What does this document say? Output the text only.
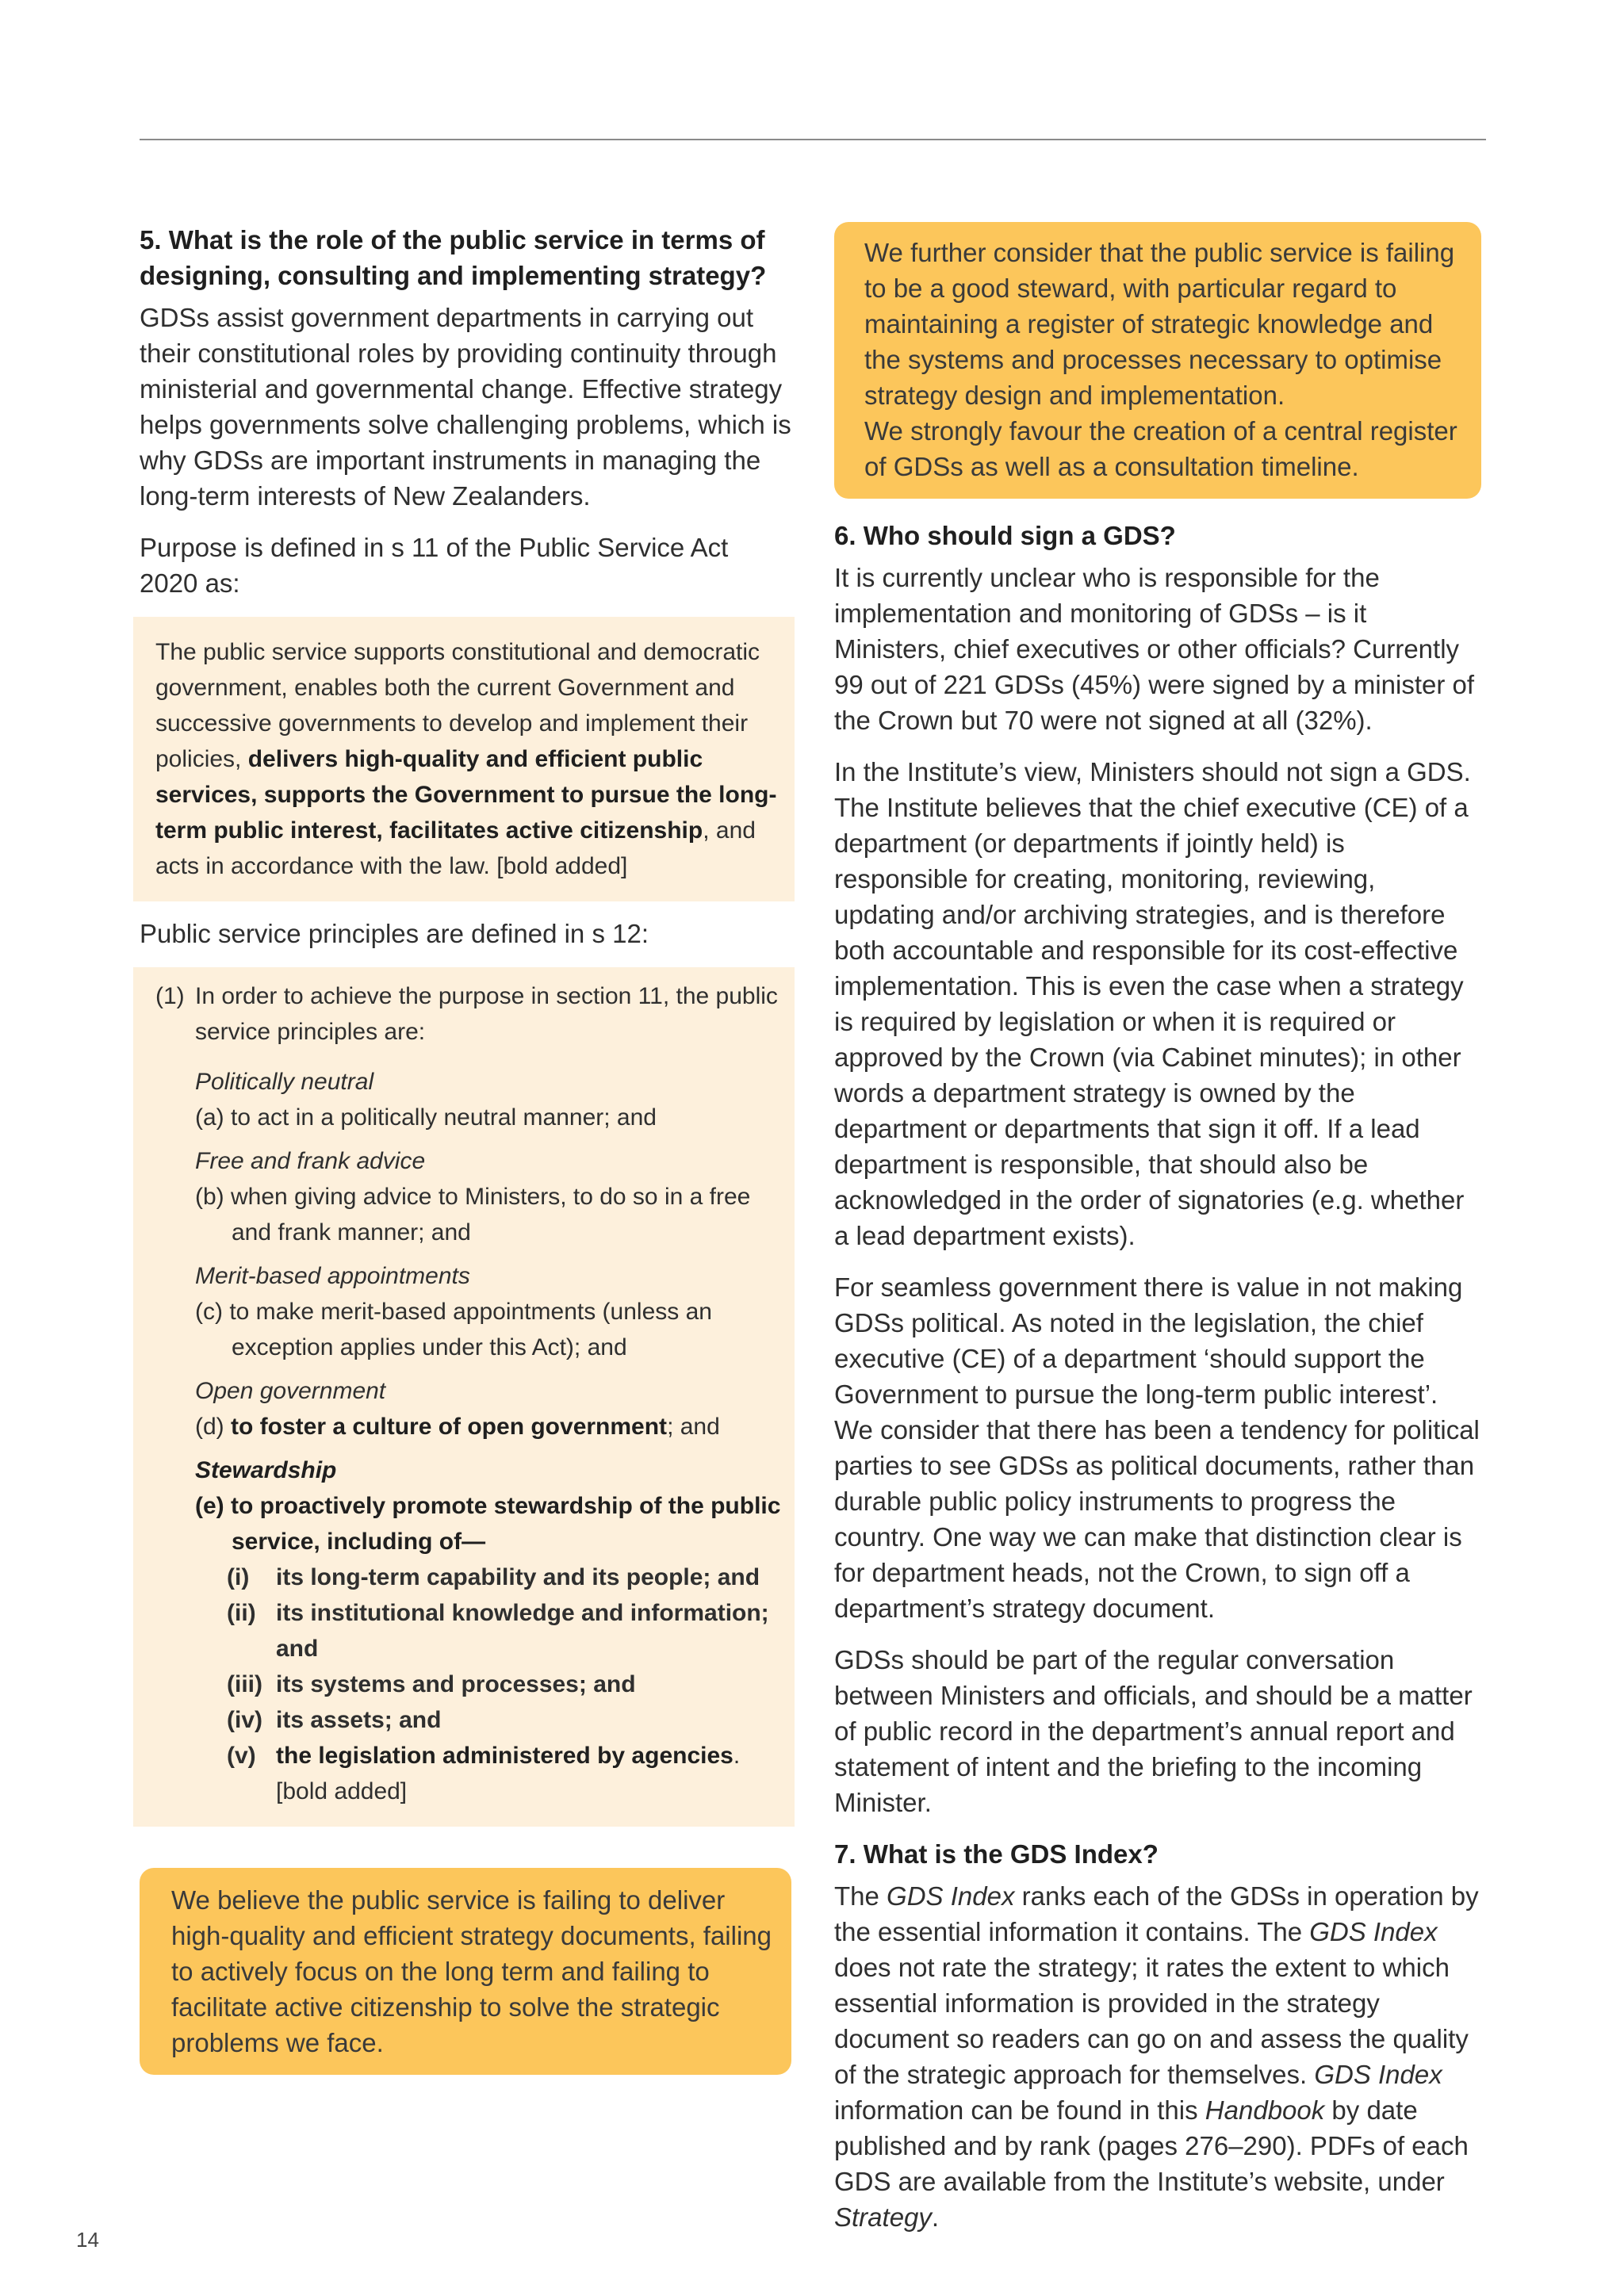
5. What is the role of the public service in terms of designing, consulting and implementing strategy?

GDSs assist government departments in carrying out their constitutional roles by providing continuity through ministerial and governmental change. Effective strategy helps governments solve challenging problems, which is why GDSs are important instruments in managing the long-term interests of New Zealanders.

Purpose is defined in s 11 of the Public Service Act 2020 as:

The public service supports constitutional and democratic government, enables both the current Government and successive governments to develop and implement their policies, delivers high-quality and efficient public services, supports the Government to pursue the long-term public interest, facilitates active citizenship, and acts in accordance with the law. [bold added]

Public service principles are defined in s 12:

(1) In order to achieve the purpose in section 11, the public service principles are:
Politically neutral
(a) to act in a politically neutral manner; and
Free and frank advice
(b) when giving advice to Ministers, to do so in a free and frank manner; and
Merit-based appointments
(c) to make merit-based appointments (unless an exception applies under this Act); and
Open government
(d) to foster a culture of open government; and
Stewardship
(e) to proactively promote stewardship of the public service, including of—
(i)	its long-term capability and its people; and
(ii) its institutional knowledge and information; and
(iii) its systems and processes; and
(iv) its assets; and
(v) the legislation administered by agencies. [bold added]
We believe the public service is failing to deliver high-quality and efficient strategy documents, failing to actively focus on the long term and failing to facilitate active citizenship to solve the strategic problems we face.
We further consider that the public service is failing to be a good steward, with particular regard to maintaining a register of strategic knowledge and the systems and processes necessary to optimise strategy design and implementation.
We strongly favour the creation of a central register of GDSs as well as a consultation timeline.
6. Who should sign a GDS?

It is currently unclear who is responsible for the implementation and monitoring of GDSs – is it Ministers, chief executives or other officials? Currently 99 out of 221 GDSs (45%) were signed by a minister of the Crown but 70 were not signed at all (32%).

In the Institute’s view, Ministers should not sign a GDS. The Institute believes that the chief executive (CE) of a department (or departments if jointly held) is responsible for creating, monitoring, reviewing, updating and/or archiving strategies, and is therefore both accountable and responsible for its cost-effective implementation. This is even the case when a strategy is required by legislation or when it is required or approved by the Crown (via Cabinet minutes); in other words a department strategy is owned by the department or departments that sign it off. If a lead department is responsible, that should also be acknowledged in the order of signatories (e.g. whether a lead department exists).

For seamless government there is value in not making GDSs political. As noted in the legislation, the chief executive (CE) of a department ‘should support the Government to pursue the long-term public interest’. We consider that there has been a tendency for political parties to see GDSs as political documents, rather than durable public policy instruments to progress the country. One way we can make that distinction clear is for department heads, not the Crown, to sign off a department’s strategy document.

GDSs should be part of the regular conversation between Ministers and officials, and should be a matter of public record in the department’s annual report and statement of intent and the briefing to the incoming Minister.

7. What is the GDS Index?

The GDS Index ranks each of the GDSs in operation by the essential information it contains. The GDS Index does not rate the strategy; it rates the extent to which essential information is provided in the strategy document so readers can go on and assess the quality of the strategic approach for themselves. GDS Index information can be found in this Handbook by date published and by rank (pages 276–290). PDFs of each GDS are available from the Institute’s website, under Strategy.

14
